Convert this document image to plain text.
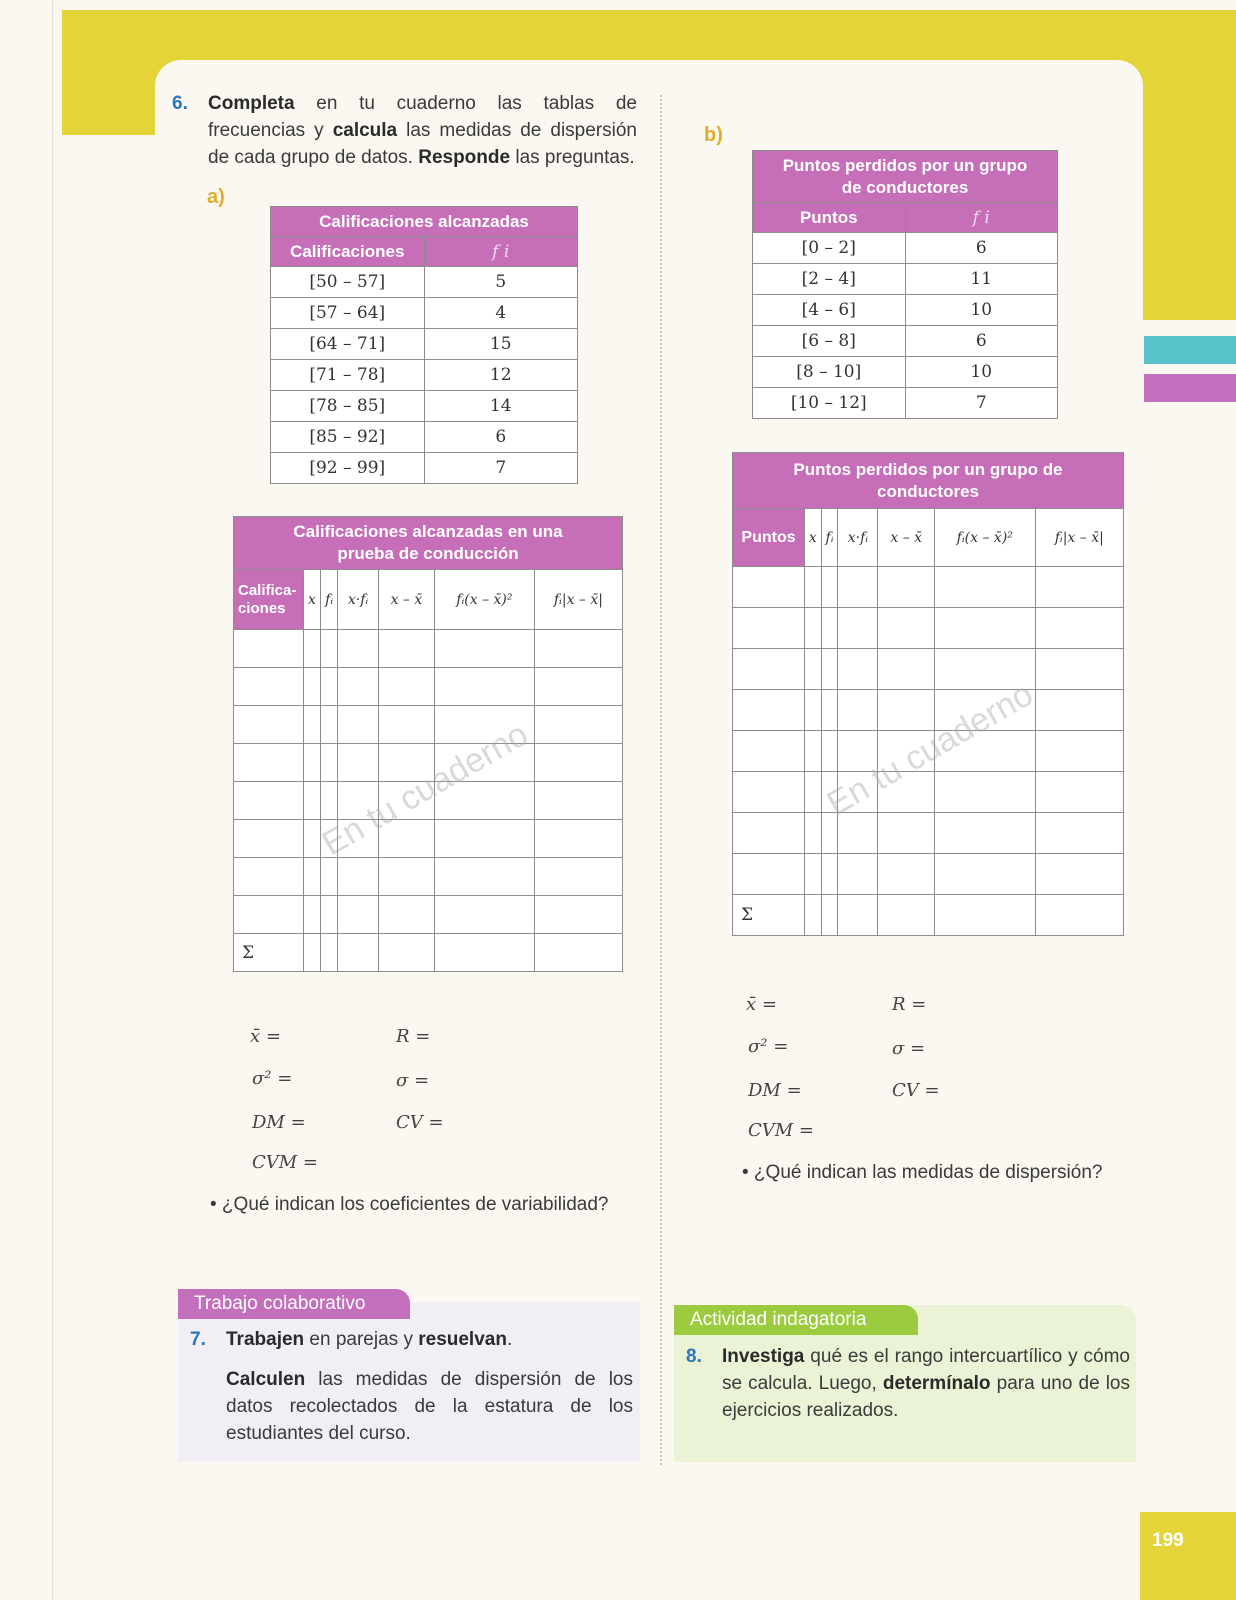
199
6. Completa en tu cuaderno las tablas de frecuencias y calcula las medidas de dispersión de cada grupo de datos. Responde las preguntas.

a)
b)
Calificaciones alcanzadas	
Calificaciones	f i
[50 – 57]	5
[57 – 64]	4
[64 – 71]	15
[71 – 78]	12
[78 – 85]	14
[85 – 92]	6
[92 – 99]	7
Puntos perdidos por un grupo de conductores	
Puntos	f i
[0 – 2]	6
[2 – 4]	11
[4 – 6]	10
[6 – 8]	6
[8 – 10]	10
[10 – 12]	7
Calificaciones alcanzadas en una prueba de conducción						
Califica-ciones	x	fᵢ	x·fᵢ	x – x̄	fᵢ(x – x̄)²	fᵢ|x – x̄|

Σ						
En tu cuaderno
Puntos perdidos por un grupo de conductores						
Puntos	x	fᵢ	x·fᵢ	x – x̄	fᵢ(x – x̄)²	fᵢ|x – x̄|

Σ						
En tu cuaderno
x̄ =	R =
σ² =	σ =
DM =	CV =
CVM =
• ¿Qué indican los coeficientes de variabilidad?
x̄ =	R =
σ² =	σ =
DM =	CV =
CVM =
• ¿Qué indican las medidas de dispersión?
Trabajo colaborativo
7. Trabajen en parejas y resuelvan.

Calculen las medidas de dispersión de los datos recolectados de la estatura de los estudiantes del curso.

Actividad indagatoria
8. Investiga qué es el rango intercuartílico y cómo se calcula. Luego, determínalo para uno de los ejercicios realizados.
